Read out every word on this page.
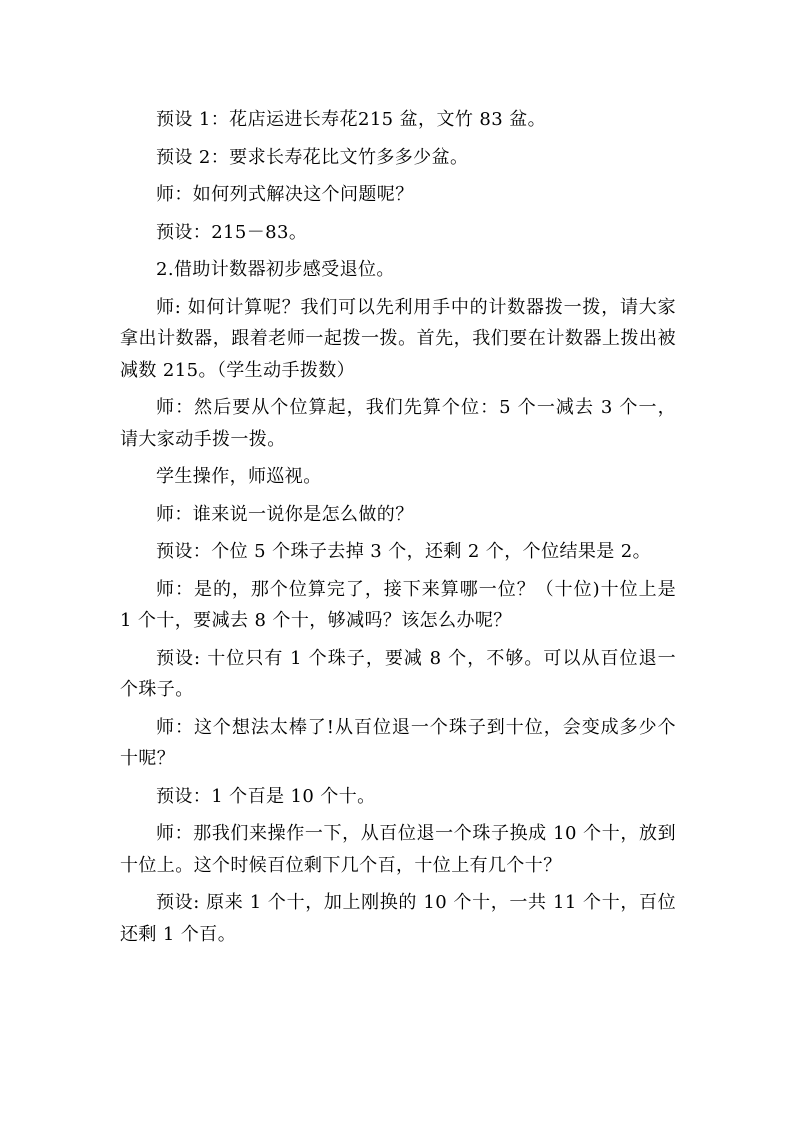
预设 1：花店运进长寿花215 盆，文竹 83 盆。

预设 2：要求长寿花比文竹多多少盆。

师：如何列式解决这个问题呢？

预设：215－83。

2.借助计数器初步感受退位。

师: 如何计算呢？我们可以先利用手中的计数器拨一拨，请大家拿出计数器，跟着老师一起拨一拨。首先，我们要在计数器上拨出被减数 215。（学生动手拨数）

师：然后要从个位算起，我们先算个位：5 个一减去 3 个一，请大家动手拨一拨。

学生操作，师巡视。

师：谁来说一说你是怎么做的？

预设：个位 5 个珠子去掉 3 个，还剩 2 个，个位结果是 2。

师：是的，那个位算完了，接下来算哪一位？（十位)十位上是 1 个十，要减去 8 个十，够减吗？该怎么办呢？

预设: 十位只有 1 个珠子，要减 8 个，不够。可以从百位退一个珠子。

师：这个想法太棒了!从百位退一个珠子到十位，会变成多少个十呢？

预设：1 个百是 10 个十。

师：那我们来操作一下，从百位退一个珠子换成 10 个十，放到十位上。这个时候百位剩下几个百，十位上有几个十？

预设: 原来 1 个十，加上刚换的 10 个十，一共 11 个十，百位还剩 1 个百。
